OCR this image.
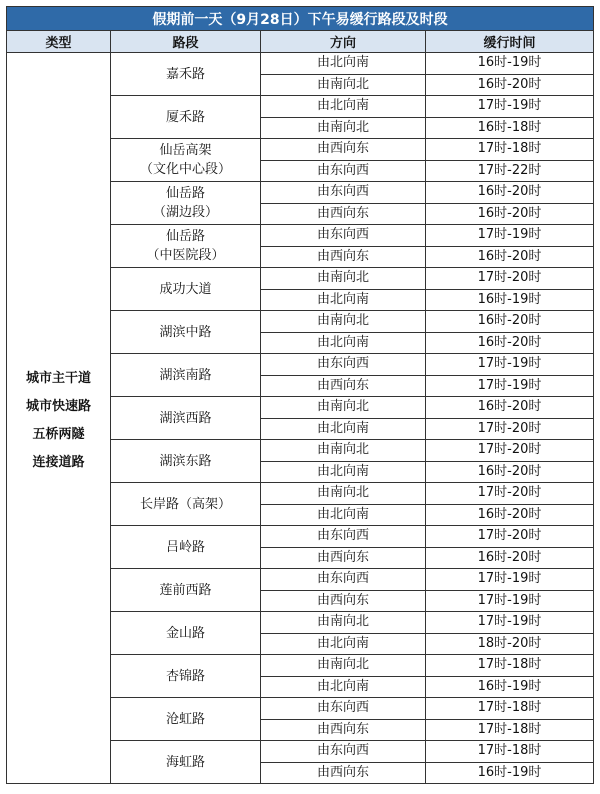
假期前一天（9月28日）下午易缓行路段及时段			
类型	路段	方向	缓行时间

城市主干道
城市快速路
五桥两隧
连接道路	嘉禾路	由北向南	16时-19时
		由南向北	16时-20时

	厦禾路	由北向南	17时-19时
		由南向北	16时-18时

	仙岳高架
（文化中心段）	由西向东	17时-18时
		由东向西	17时-22时

	仙岳路
（湖边段）	由东向西	16时-20时
		由西向东	16时-20时

	仙岳路
（中医院段）	由东向西	17时-19时
		由西向东	16时-20时

	成功大道	由南向北	17时-20时
		由北向南	16时-19时

	湖滨中路	由南向北	16时-20时
		由北向南	16时-20时

	湖滨南路	由东向西	17时-19时
		由西向东	17时-19时

	湖滨西路	由南向北	16时-20时
		由北向南	17时-20时

	湖滨东路	由南向北	17时-20时
		由北向南	16时-20时

	长岸路（高架）	由南向北	17时-20时
		由北向南	16时-20时

	吕岭路	由东向西	17时-20时
		由西向东	16时-20时

	莲前西路	由东向西	17时-19时
		由西向东	17时-19时

	金山路	由南向北	17时-19时
		由北向南	18时-20时

	杏锦路	由南向北	17时-18时
		由北向南	16时-19时

	沧虹路	由东向西	17时-18时
		由西向东	17时-18时

	海虹路	由东向西	17时-18时
		由西向东	16时-19时
